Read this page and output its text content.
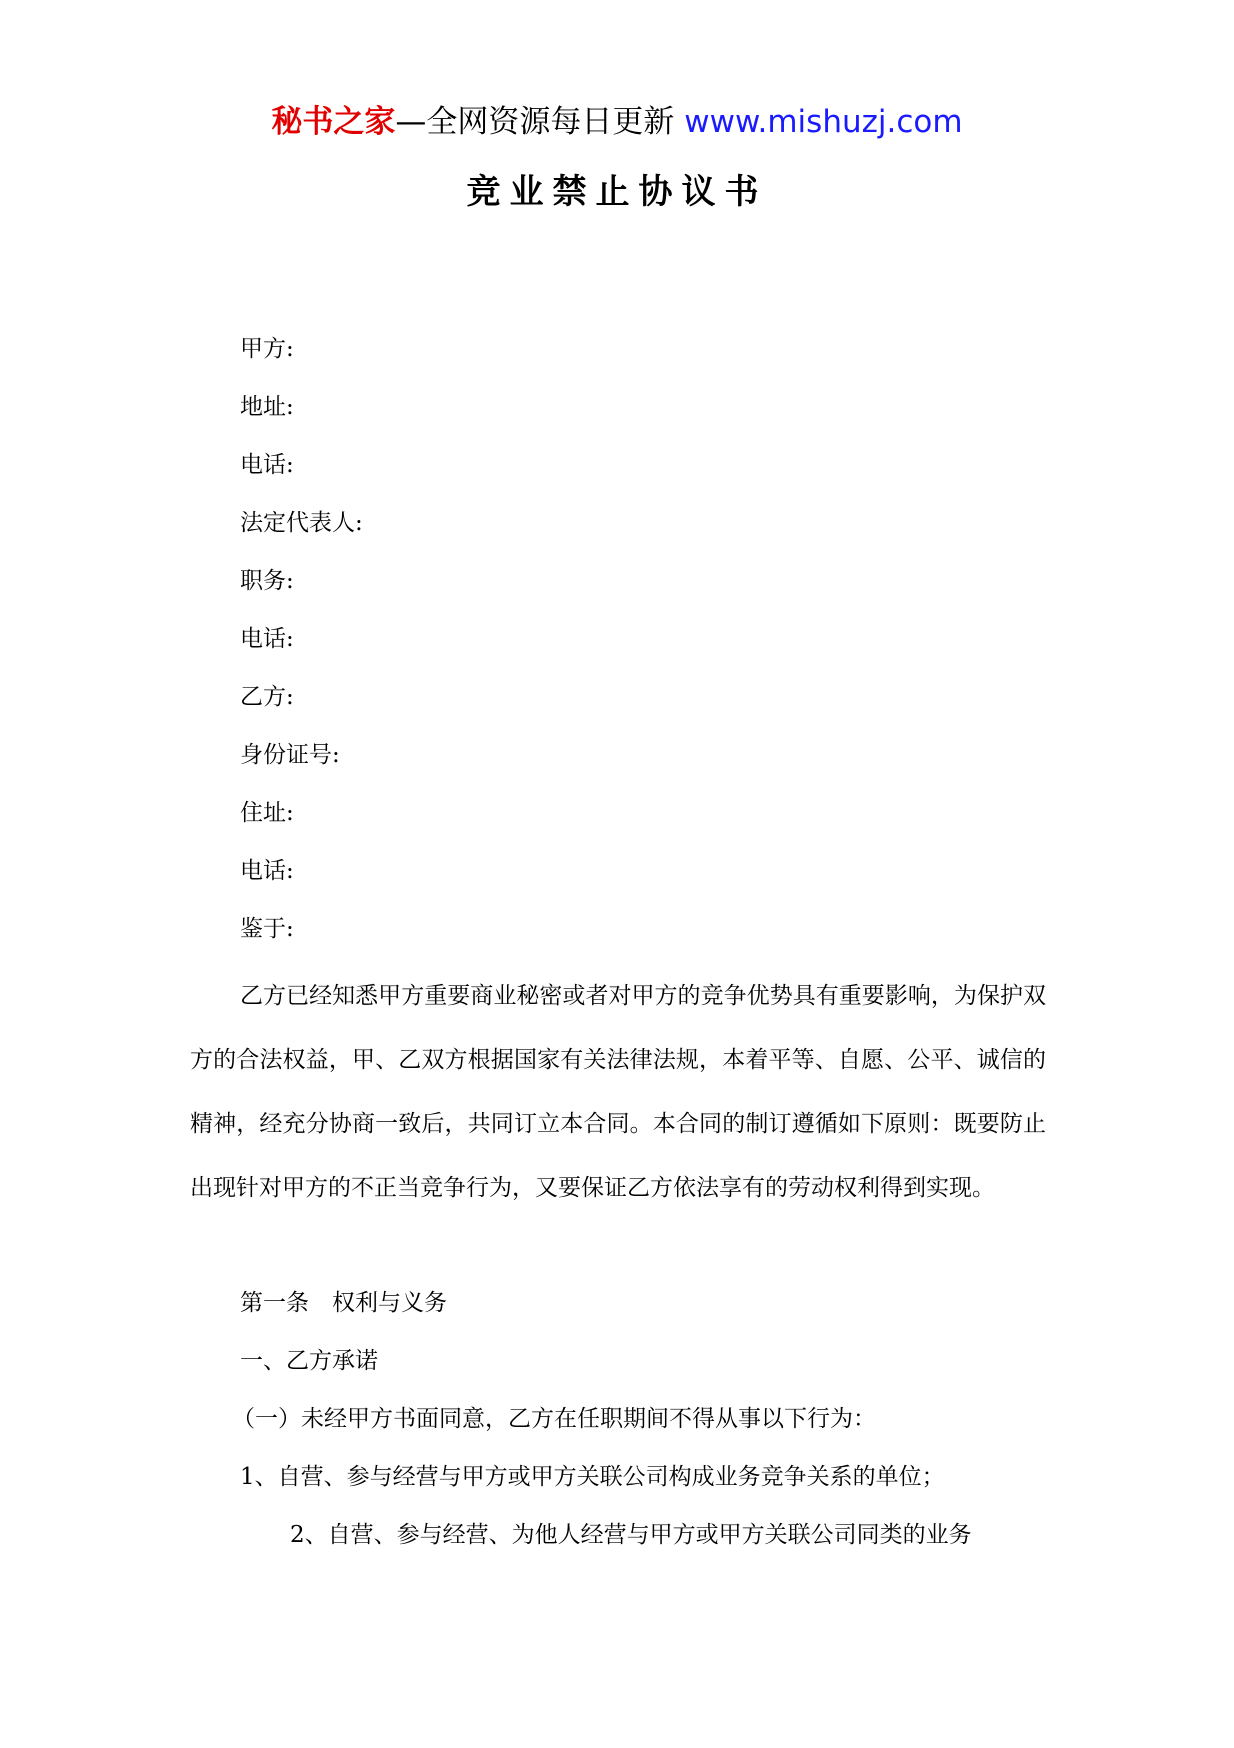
秘书之家—全网资源每日更新 www.mishuzj.com
竞业禁止协议书
甲方:
地址:
电话:
法定代表人:
职务:
电话:
乙方:
身份证号:
住址:
电话:
鉴于:
乙方已经知悉甲方重要商业秘密或者对甲方的竞争优势具有重要影响，为保护双方的合法权益，甲、乙双方根据国家有关法律法规，本着平等、自愿、公平、诚信的精神，经充分协商一致后，共同订立本合同。本合同的制订遵循如下原则：既要防止出现针对甲方的不正当竞争行为，又要保证乙方依法享有的劳动权利得到实现。
第一条　权利与义务
一、乙方承诺
（一）未经甲方书面同意，乙方在任职期间不得从事以下行为：
1、自营、参与经营与甲方或甲方关联公司构成业务竞争关系的单位；
2、自营、参与经营、为他人经营与甲方或甲方关联公司同类的业务
